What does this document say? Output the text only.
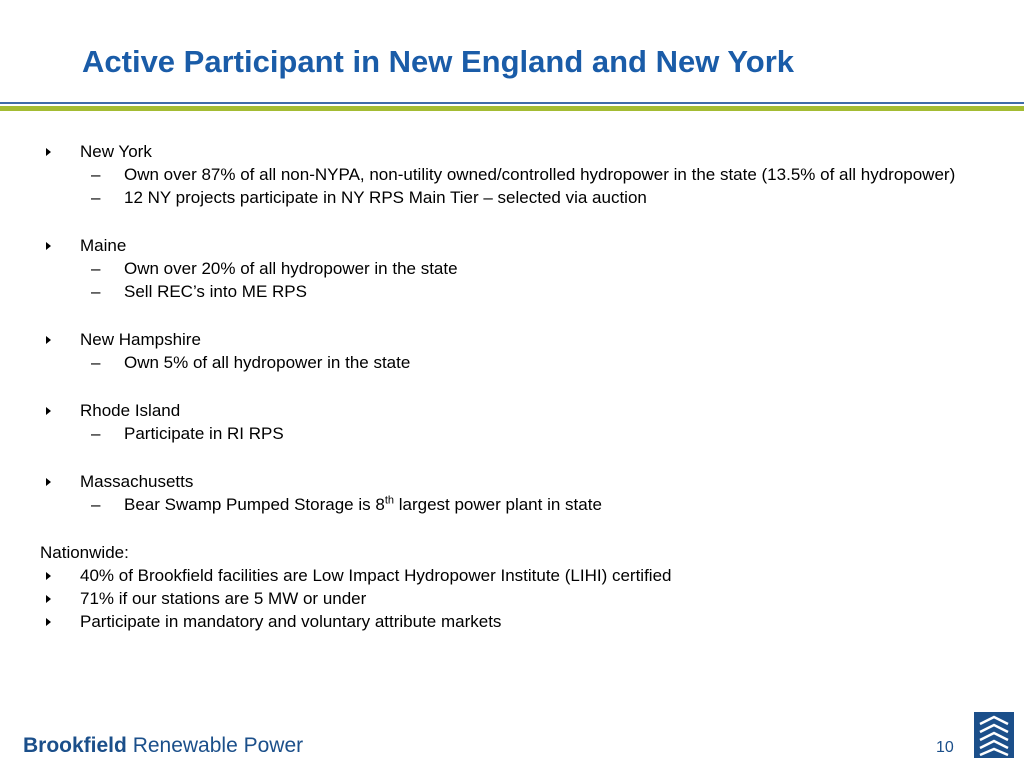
Active Participant in New England and New York
New York
– Own over 87% of all non-NYPA, non-utility owned/controlled hydropower in the state (13.5% of all hydropower)
– 12 NY projects participate in NY RPS Main Tier – selected via auction
Maine
– Own over 20% of all hydropower in the state
– Sell REC’s into ME RPS
New Hampshire
– Own 5% of all hydropower in the state
Rhode Island
– Participate in RI RPS
Massachusetts
– Bear Swamp Pumped Storage is 8th largest power plant in state
Nationwide:
40% of Brookfield facilities are Low Impact Hydropower Institute (LIHI) certified
71% if our stations are 5 MW or under
Participate in mandatory and voluntary attribute markets
Brookfield Renewable Power	10
